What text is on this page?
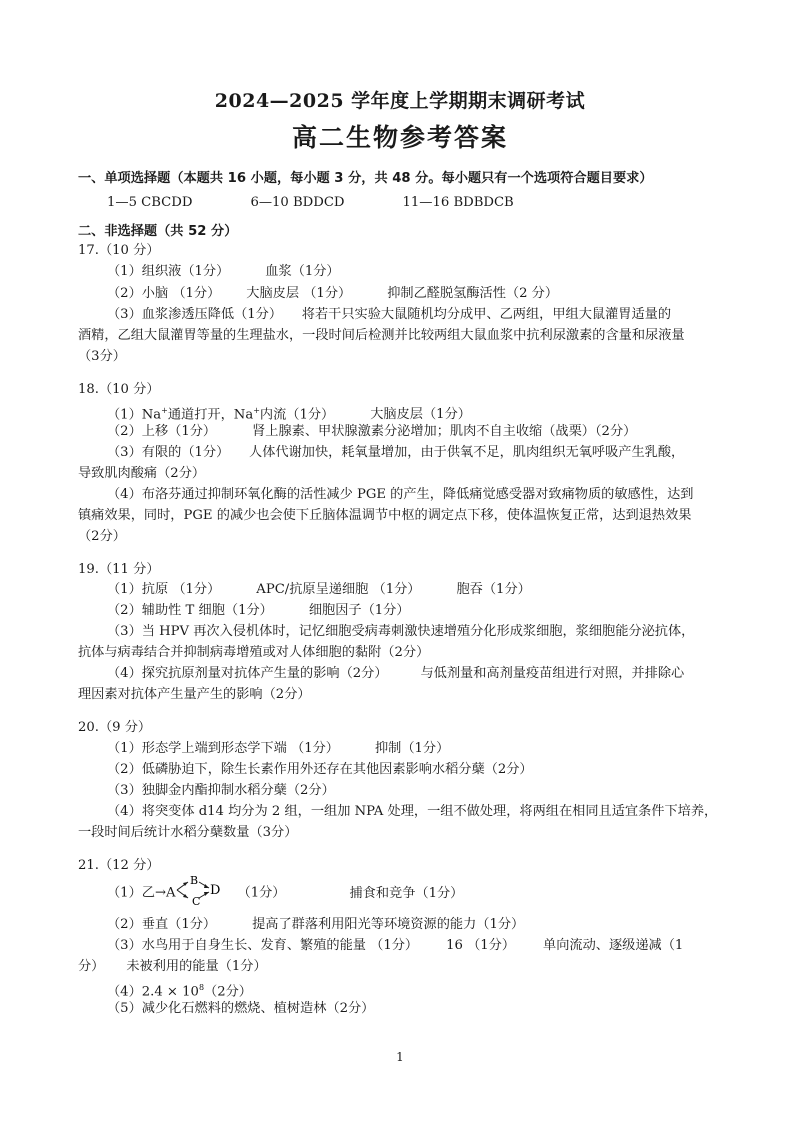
2024—2025 学年度上学期期末调研考试
高二生物参考答案
一、单项选择题（本题共 16 小题，每小题 3 分，共 48 分。每小题只有一个选项符合题目要求）
1—5 CBCDD	6—10 BDDCD	11—16 BDBDCB
二、非选择题（共 52 分）
17.（10 分）
（1）组织液（1分）	血浆（1分）
（2）小脑 （1分） 大脑皮层 （1分）	抑制乙醛脱氢酶活性（2 分）
（3）血浆渗透压降低（1分）　　将若干只实验大鼠随机均分成甲、乙两组，甲组大鼠灌胃适量的
酒精，乙组大鼠灌胃等量的生理盐水，一段时间后检测并比较两组大鼠血浆中抗利尿激素的含量和尿液量
（3分）
18.（10 分）
（1）Na+通道打开，Na+内流（1分）	大脑皮层（1分）
（2）上移（1分）	肾上腺素、甲状腺激素分泌增加；肌肉不自主收缩（战栗）（2分）
（3）有限的（1分）　　人体代谢加快，耗氧量增加，由于供氧不足，肌肉组织无氧呼吸产生乳酸，
导致肌肉酸痛（2分）
（4）布洛芬通过抑制环氧化酶的活性减少 PGE 的产生，降低痛觉感受器对致痛物质的敏感性，达到
镇痛效果，同时，PGE 的减少也会使下丘脑体温调节中枢的调定点下移，使体温恢复正常，达到退热效果
（2分）
19.（11 分）
（1）抗原 （1分）	APC/抗原呈递细胞 （1分）	胞吞（1分）
（2）辅助性 T 细胞（1分）	细胞因子（1分）
（3）当 HPV 再次入侵机体时，记忆细胞受病毒刺激快速增殖分化形成浆细胞，浆细胞能分泌抗体，
抗体与病毒结合并抑制病毒增殖或对人体细胞的黏附（2分）
（4）探究抗原剂量对抗体产生量的影响（2分）　　　与低剂量和高剂量疫苗组进行对照，并排除心
理因素对抗体产生量产生的影响（2分）
20.（9 分）
（1）形态学上端到形态学下端 （1分）	抑制（1分）
（2）低磷胁迫下，除生长素作用外还存在其他因素影响水稻分蘖（2分）
（3）独脚金内酯抑制水稻分蘖（2分）
（4）将突变体 d14 均分为 2 组，一组加 NPA 处理，一组不做处理，将两组在相同且适宜条件下培养，
一段时间后统计水稻分蘖数量（3分）
21.（12 分）
（1）乙→A
B
C
D （1分）	捕食和竞争（1分）
（2）垂直（1分）	提高了群落利用阳光等环境资源的能力（1分）
（3）水鸟用于自身生长、发育、繁殖的能量 （1分） 16 （1分） 单向流动、逐级递减（1
分） 未被利用的能量（1分）
$(4)2.4 \times 10^8(2$分）
（5）减少化石燃料的燃烧、植树造林（2分）
1
